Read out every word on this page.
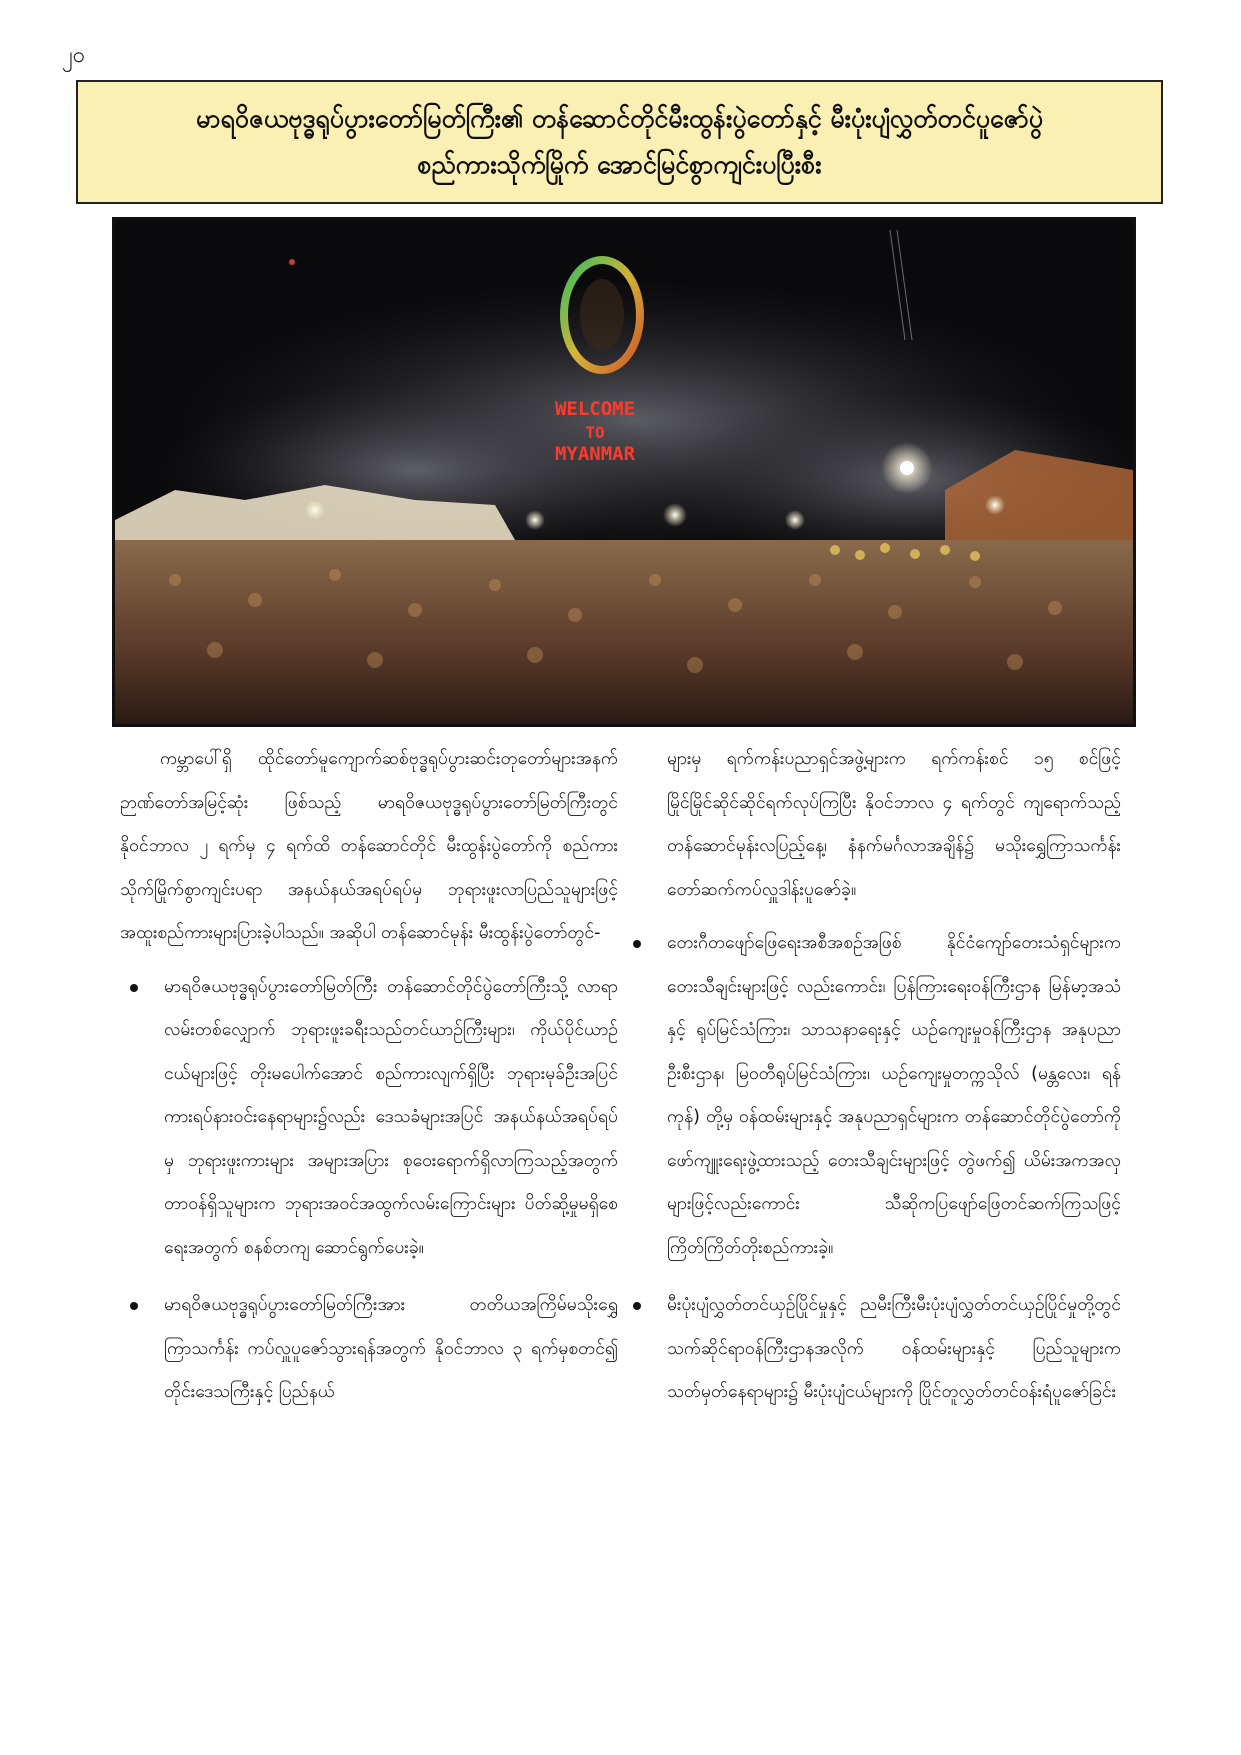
၂၀
မာရဝိဇယဗုဒ္ဓရုပ်ပွားတော်မြတ်ကြီး၏ တန်ဆောင်တိုင်မီးထွန်းပွဲတော်နှင့် မီးပုံးပျံလွှတ်တင်ပူဇော်ပွဲ
စည်ကားသိုက်မြိုက် အောင်မြင်စွာကျင်းပပြီးစီး
WELCOME
TO
MYANMAR

ကမ္ဘာပေါ်ရှိ ထိုင်တော်မူကျောက်ဆစ်ဗုဒ္ဓရုပ်ပွားဆင်းတုတော်များအနက် ဉာဏ်တော်အမြင့်ဆုံး ဖြစ်သည့် မာရဝိဇယဗုဒ္ဓရုပ်ပွားတော်မြတ်ကြီးတွင် နိုဝင်ဘာလ ၂ ရက်မှ ၄ ရက်ထိ တန်ဆောင်တိုင် မီးထွန်းပွဲတော်ကို စည်ကားသိုက်မြိုက်စွာကျင်းပရာ အနယ်နယ်အရပ်ရပ်မှ ဘုရားဖူးလာပြည်သူများဖြင့် အထူးစည်ကားများပြားခဲ့ပါသည်။ အဆိုပါ တန်ဆောင်မုန်း မီးထွန်းပွဲတော်တွင်-

မာရဝိဇယဗုဒ္ဓရုပ်ပွားတော်မြတ်ကြီး တန်ဆောင်တိုင်ပွဲတော်ကြီးသို့ လာရာလမ်းတစ်လျှောက် ဘုရားဖူးခရီးသည်တင်ယာဉ်ကြီးများ၊ ကိုယ်ပိုင်ယာဉ်ငယ်များဖြင့် တိုးမပေါက်အောင် စည်ကားလျက်ရှိပြီး ဘုရားမုခ်ဦးအပြင် ကားရပ်နားဝင်းနေရာများ၌လည်း ဒေသခံများအပြင် အနယ်နယ်အရပ်ရပ်မှ ဘုရားဖူးကားများ အများအပြား စုဝေးရောက်ရှိလာကြသည့်အတွက် တာဝန်ရှိသူများက ဘုရားအဝင်အထွက်လမ်းကြောင်းများ ပိတ်ဆို့မှုမရှိစေရေးအတွက် စနစ်တကျ ဆောင်ရွက်ပေးခဲ့။
မာရဝိဇယဗုဒ္ဓရုပ်ပွားတော်မြတ်ကြီးအား တတိယအကြိမ်မသိုးရွှေကြာသင်္ကန်း ကပ်လှူပူဇော်သွားရန်အတွက် နိုဝင်ဘာလ ၃ ရက်မှစတင်၍ တိုင်းဒေသကြီးနှင့် ပြည်နယ်

များမှ ရက်ကန်းပညာရှင်အဖွဲ့များက ရက်ကန်းစင် ၁၅ စင်ဖြင့် မြိုင်မြိုင်ဆိုင်ဆိုင်ရက်လုပ်ကြပြီး နိုဝင်ဘာလ ၄ ရက်တွင် ကျရောက်သည့် တန်ဆောင်မုန်းလပြည့်နေ့၊ နံနက်မင်္ဂလာအချိန်၌ မသိုးရွှေကြာသင်္ကန်းတော်ဆက်ကပ်လှူဒါန်းပူဇော်ခဲ့။

တေးဂီတဖျော်ဖြေရေးအစီအစဉ်အဖြစ် နိုင်ငံကျော်တေးသံရှင်များက တေးသီချင်းများဖြင့် လည်းကောင်း၊ ပြန်ကြားရေးဝန်ကြီးဌာန မြန်မာ့အသံနှင့် ရုပ်မြင်သံကြား၊ သာသနာရေးနှင့် ယဉ်ကျေးမှုဝန်ကြီးဌာန အနုပညာဦးစီးဌာန၊ မြဝတီရုပ်မြင်သံကြား၊ ယဉ်ကျေးမှုတက္ကသိုလ် (မန္တလေး၊ ရန်ကုန်) တို့မှ ဝန်ထမ်းများနှင့် အနုပညာရှင်များက တန်ဆောင်တိုင်ပွဲတော်ကို ဖော်ကျူးရေးဖွဲ့ထားသည့် တေးသီချင်းများဖြင့် တွဲဖက်၍ ယိမ်းအကအလှများဖြင့်လည်းကောင်း သီဆိုကပြဖျော်ဖြေတင်ဆက်ကြသဖြင့် ကြိတ်ကြိတ်တိုးစည်ကားခဲ့။
မီးပုံးပျံလွှတ်တင်ယှဉ်ပြိုင်မှုနှင့် ညမီးကြီးမီးပုံးပျံလွှတ်တင်ယှဉ်ပြိုင်မှုတို့တွင် သက်ဆိုင်ရာဝန်ကြီးဌာနအလိုက် ဝန်ထမ်းများနှင့် ပြည်သူများက သတ်မှတ်နေရာများ၌ မီးပုံးပျံငယ်များကို ပြိုင်တူလွှတ်တင်ဝန်းရံပူဇော်ခြင်း
